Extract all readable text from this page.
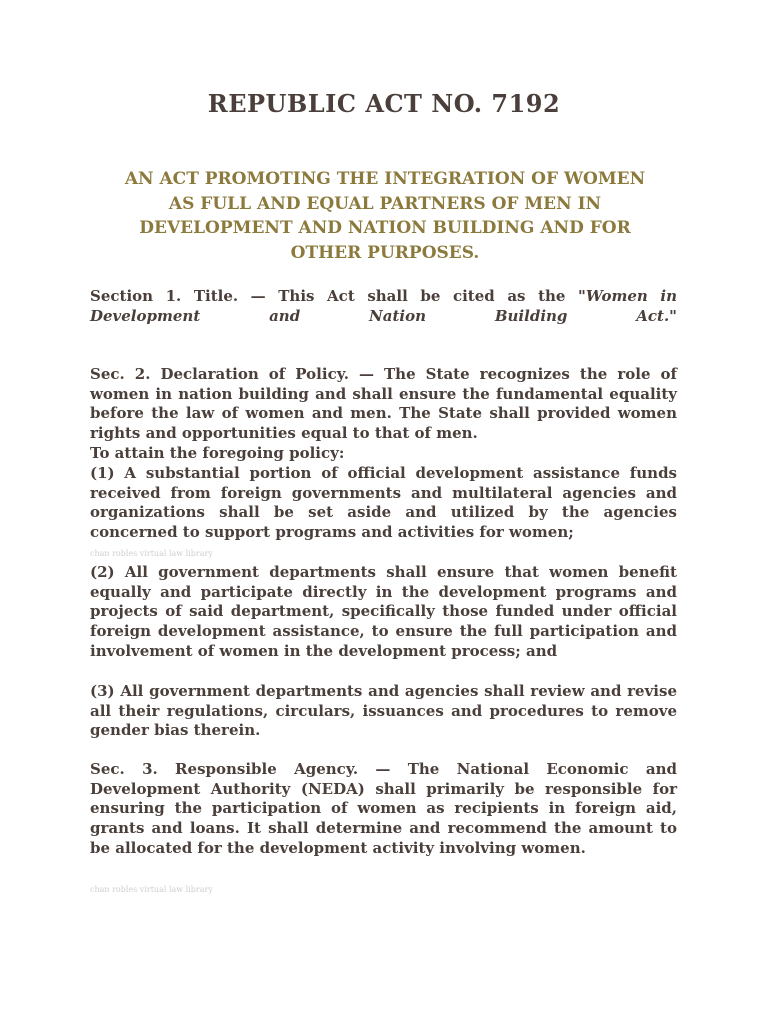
REPUBLIC ACT NO. 7192
AN ACT PROMOTING THE INTEGRATION OF WOMEN
AS FULL AND EQUAL PARTNERS OF MEN IN
DEVELOPMENT AND NATION BUILDING AND FOR
OTHER PURPOSES.
Section 1. Title. — This Act shall be cited as the "Women in
Development and Nation Building Act."
Sec. 2. Declaration of Policy. — The State recognizes the role of women in nation building and shall ensure the fundamental equality before the law of women and men. The State shall provided women rights and opportunities equal to that of men.
To attain the foregoing policy:
(1) A substantial portion of official development assistance funds received from foreign governments and multilateral agencies and organizations shall be set aside and utilized by the agencies concerned to support programs and activities for women;
chan robles virtual law library
(2) All government departments shall ensure that women benefit equally and participate directly in the development programs and projects of said department, specifically those funded under official foreign development assistance, to ensure the full participation and involvement of women in the development process; and
(3) All government departments and agencies shall review and revise all their regulations, circulars, issuances and procedures to remove gender bias therein.
Sec. 3. Responsible Agency. — The National Economic and Development Authority (NEDA) shall primarily be responsible for ensuring the participation of women as recipients in foreign aid, grants and loans. It shall determine and recommend the amount to be allocated for the development activity involving women.
chan robles virtual law library
